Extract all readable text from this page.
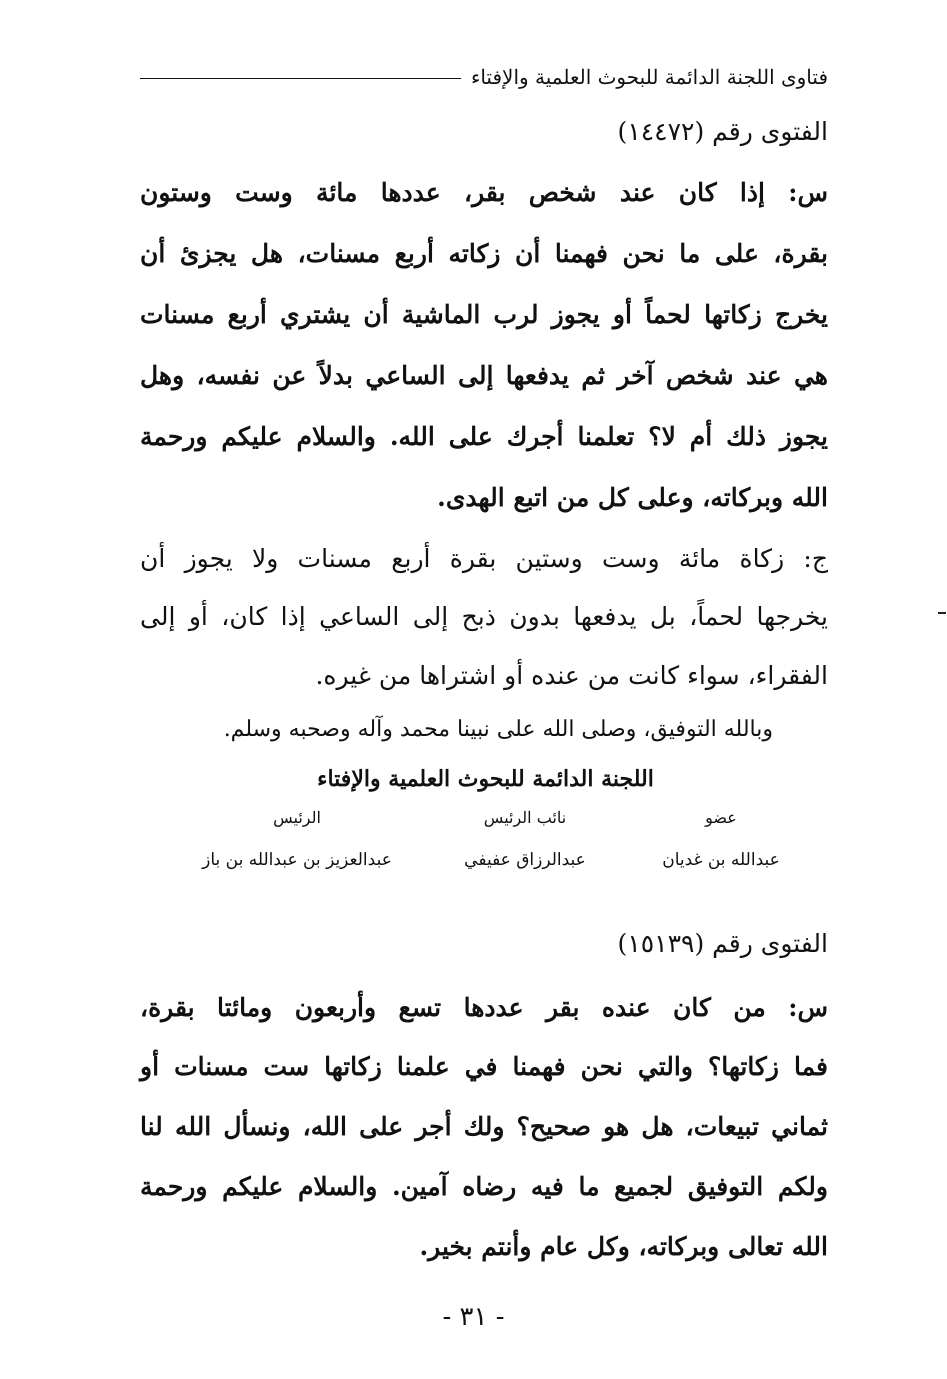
فتاوى اللجنة الدائمة للبحوث العلمية والإفتاء
الفتوى رقم (١٤٤٧٢)
س: إذا كان عند شخص بقر، عددها مائة وست وستون
بقرة، على ما نحن فهمنا أن زكاته أربع مسنات، هل يجزئ أن
يخرج زكاتها لحماً أو يجوز لرب الماشية أن يشتري أربع مسنات
هي عند شخص آخر ثم يدفعها إلى الساعي بدلاً عن نفسه، وهل
يجوز ذلك أم لا؟ تعلمنا أجرك على الله. والسلام عليكم ورحمة
الله وبركاته، وعلى كل من اتبع الهدى.
ج: زكاة مائة وست وستين بقرة أربع مسنات ولا يجوز أن
يخرجها لحماً، بل يدفعها بدون ذبح إلى الساعي إذا كان، أو إلى
الفقراء، سواء كانت من عنده أو اشتراها من غيره.
وبالله التوفيق، وصلى الله على نبينا محمد وآله وصحبه وسلم.
اللجنة الدائمة للبحوث العلمية والإفتاء
الرئيس
عبدالعزيز بن عبدالله بن باز
نائب الرئيس
عبدالرزاق عفيفي
عضو
عبدالله بن غديان
الفتوى رقم (١٥١٣٩)
س: من كان عنده بقر عددها تسع وأربعون ومائتا بقرة،
فما زكاتها؟ والتي نحن فهمنا في علمنا زكاتها ست مسنات أو
ثماني تبيعات، هل هو صحيح؟ ولك أجر على الله، ونسأل الله لنا
ولكم التوفيق لجميع ما فيه رضاه آمين. والسلام عليكم ورحمة
الله تعالى وبركاته، وكل عام وأنتم بخير.
- ٣١ -
